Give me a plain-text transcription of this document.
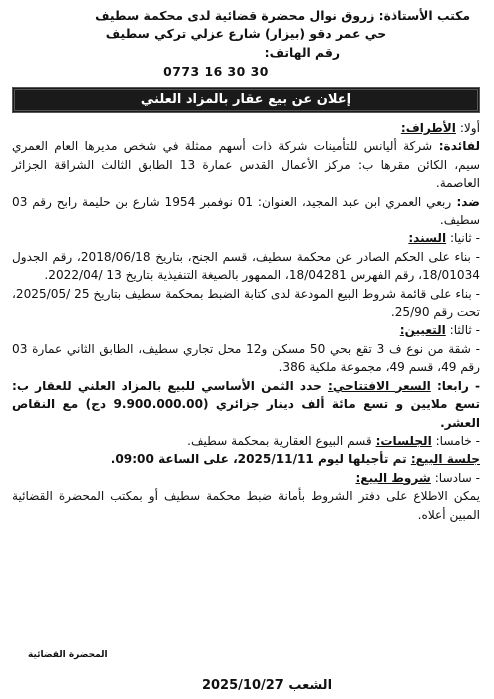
مكتب الأستاذة: زروق نوال محضرة قضائية لدى محكمة سطيف
حي عمر دقو (بيزار) شارع عزلي تركي سطيف
رقم الهاتف:
0773 16 30 30
إعلان عن بيع عقار بالمزاد العلني

أولا: الأطراف:

لفائدة: شركة أليانس للتأمينات شركة ذات أسهم ممثلة في شخص مديرها العام العمري سيم، الكائن مقرها ب: مركز الأعمال القدس عمارة 13 الطابق الثالث الشراقة الجزائر العاصمة.

ضد: ربعي العمري ابن عبد المجيد، العنوان: 01 نوفمبر 1954 شارع بن حليمة رابح رقم 03 سطيف.

- ثانيا: السند:

- بناء على الحكم الصادر عن محكمة سطيف، قسم الجنح، بتاريخ 2018/06/18، رقم الجدول 18/01034، رقم الفهرس 18/04281، الممهور بالصيغة التنفيذية بتاريخ 13 /2022/04.

- بناء على قائمة شروط البيع المودعة لدى كتابة الضبط بمحكمة سطيف بتاريخ 25 /2025/05، تحت رقم 25/90.

- ثالثا: التعيين:

- شقة من نوع ف 3 تقع بحي 50 مسكن و12 محل تجاري سطيف، الطابق الثاني عمارة 03 رقم 49، قسم 49، مجموعة ملكية 386.

- رابعا: السعر الافتتاحي: حدد الثمن الأساسي للبيع بالمزاد العلني للعقار ب: تسع ملايين و تسع مائة ألف دينار جزائري (9.900.000.00 دج) مع النقاص العشر.

- خامسا: الجلسات: قسم البيوع العقارية بمحكمة سطيف.

جلسة البيع: تم تأجيلها ليوم 2025/11/11، على الساعة 09:00.

- سادسا: شروط البيع:

يمكن الاطلاع على دفتر الشروط بأمانة ضبط محكمة سطيف أو بمكتب المحضرة القضائية المبين أعلاه.

المحضرة القضائية
الشعب 2025/10/27
